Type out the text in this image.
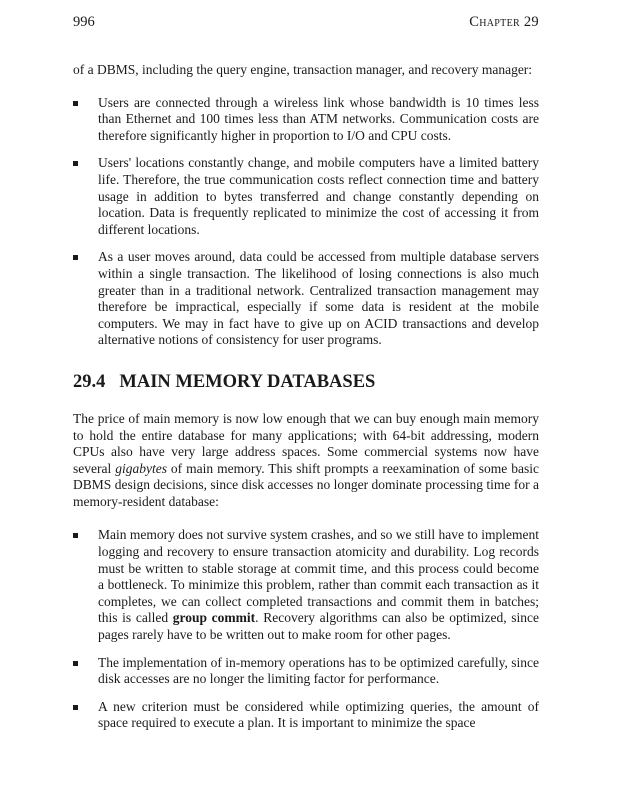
996	Chapter 29

of a DBMS, including the query engine, transaction manager, and recovery manager:

Users are connected through a wireless link whose bandwidth is 10 times less than Ethernet and 100 times less than ATM networks. Communication costs are therefore significantly higher in proportion to I/O and CPU costs.
Users' locations constantly change, and mobile computers have a limited battery life. Therefore, the true communication costs reflect connection time and battery usage in addition to bytes transferred and change constantly depending on location. Data is frequently replicated to minimize the cost of accessing it from different locations.
As a user moves around, data could be accessed from multiple database servers within a single transaction. The likelihood of losing connections is also much greater than in a traditional network. Centralized transaction management may therefore be impractical, especially if some data is resident at the mobile computers. We may in fact have to give up on ACID transactions and develop alternative notions of consistency for user programs.
29.4 MAIN MEMORY DATABASES

The price of main memory is now low enough that we can buy enough main memory to hold the entire database for many applications; with 64-bit addressing, modern CPUs also have very large address spaces. Some commercial systems now have several gigabytes of main memory. This shift prompts a reexamination of some basic DBMS design decisions, since disk accesses no longer dominate processing time for a memory-resident database:

Main memory does not survive system crashes, and so we still have to implement logging and recovery to ensure transaction atomicity and durability. Log records must be written to stable storage at commit time, and this process could become a bottleneck. To minimize this problem, rather than commit each transaction as it completes, we can collect completed transactions and commit them in batches; this is called group commit. Recovery algorithms can also be optimized, since pages rarely have to be written out to make room for other pages.
The implementation of in-memory operations has to be optimized carefully, since disk accesses are no longer the limiting factor for performance.
A new criterion must be considered while optimizing queries, the amount of space required to execute a plan. It is important to minimize the space
